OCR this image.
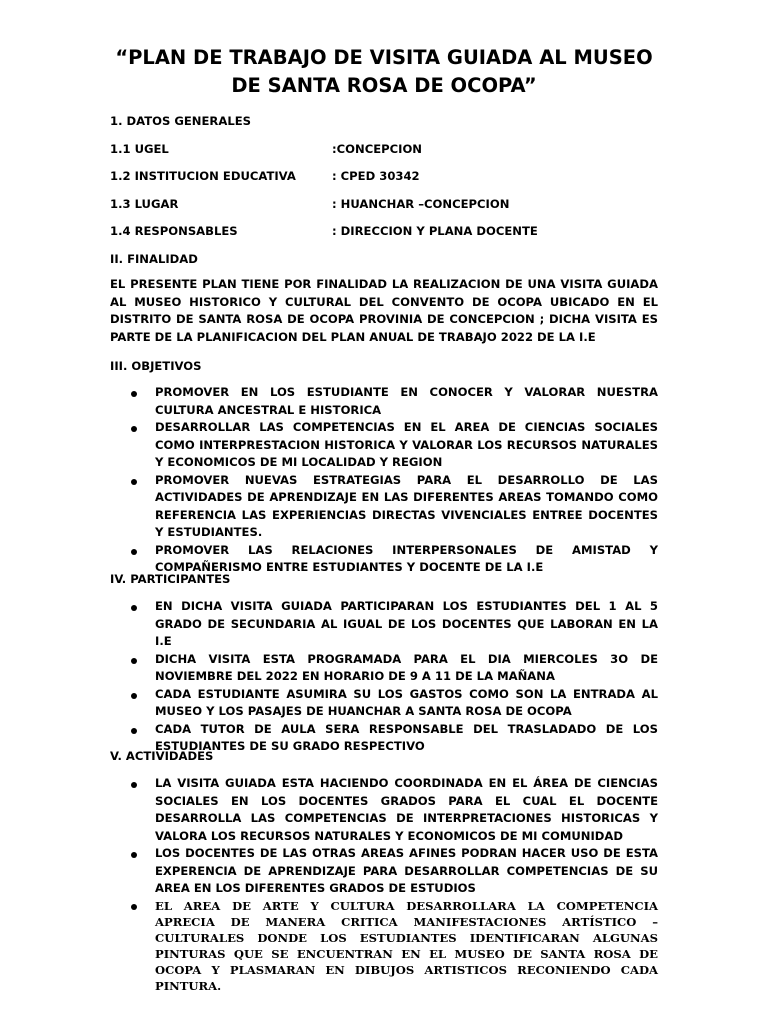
“PLAN DE TRABAJO DE VISITA GUIADA AL MUSEO DE SANTA ROSA DE OCOPA”
1. DATOS GENERALES
1.1 UGEL	:CONCEPCION
1.2 INSTITUCION EDUCATIVA	: CPED 30342
1.3 LUGAR	: HUANCHAR –CONCEPCION
1.4 RESPONSABLES	: DIRECCION Y PLANA DOCENTE
II. FINALIDAD
EL PRESENTE PLAN TIENE POR FINALIDAD LA REALIZACION DE UNA VISITA GUIADA AL MUSEO HISTORICO Y CULTURAL DEL CONVENTO DE OCOPA UBICADO EN EL DISTRITO DE SANTA ROSA DE OCOPA PROVINIA DE CONCEPCION ; DICHA VISITA ES PARTE DE LA PLANIFICACION DEL PLAN ANUAL DE TRABAJO 2022 DE LA I.E
III. OBJETIVOS
PROMOVER EN LOS ESTUDIANTE EN CONOCER Y VALORAR NUESTRA CULTURA ANCESTRAL E HISTORICA
DESARROLLAR LAS COMPETENCIAS EN EL AREA DE CIENCIAS SOCIALES COMO INTERPRESTACION HISTORICA Y VALORAR LOS RECURSOS NATURALES Y ECONOMICOS DE MI LOCALIDAD Y REGION
PROMOVER NUEVAS ESTRATEGIAS PARA EL DESARROLLO DE LAS ACTIVIDADES DE APRENDIZAJE EN LAS DIFERENTES AREAS TOMANDO COMO REFERENCIA LAS EXPERIENCIAS DIRECTAS VIVENCIALES ENTREE DOCENTES Y ESTUDIANTES.
PROMOVER LAS RELACIONES INTERPERSONALES DE AMISTAD Y COMPAÑERISMO ENTRE ESTUDIANTES Y DOCENTE DE LA I.E
IV. PARTICIPANTES
EN DICHA VISITA GUIADA PARTICIPARAN LOS ESTUDIANTES DEL 1 AL 5 GRADO DE SECUNDARIA AL IGUAL DE LOS DOCENTES QUE LABORAN EN LA I.E
DICHA VISITA ESTA PROGRAMADA PARA EL DIA MIERCOLES 3O DE NOVIEMBRE DEL 2022 EN HORARIO DE 9 A 11 DE LA MAÑANA
CADA ESTUDIANTE ASUMIRA SU LOS GASTOS COMO SON LA ENTRADA AL MUSEO Y LOS PASAJES DE HUANCHAR A SANTA ROSA DE OCOPA
CADA TUTOR DE AULA SERA RESPONSABLE DEL TRASLADADO DE LOS ESTUDIANTES DE SU GRADO RESPECTIVO
V. ACTIVIDADES
LA VISITA GUIADA ESTA HACIENDO COORDINADA EN EL ÁREA DE CIENCIAS SOCIALES EN LOS DOCENTES GRADOS PARA EL CUAL EL DOCENTE DESARROLLA LAS COMPETENCIAS DE INTERPRETACIONES HISTORICAS Y VALORA LOS RECURSOS NATURALES Y ECONOMICOS DE MI COMUNIDAD
LOS DOCENTES DE LAS OTRAS AREAS AFINES PODRAN HACER USO DE ESTA EXPERENCIA DE APRENDIZAJE PARA DESARROLLAR COMPETENCIAS DE SU AREA EN LOS DIFERENTES GRADOS DE ESTUDIOS
EL AREA DE ARTE Y CULTURA DESARROLLARA LA COMPETENCIA APRECIA DE MANERA CRITICA MANIFESTACIONES ARTÍSTICO – CULTURALES DONDE LOS ESTUDIANTES IDENTIFICARAN ALGUNAS PINTURAS QUE SE ENCUENTRAN EN EL MUSEO DE SANTA ROSA DE OCOPA Y PLASMARAN EN DIBUJOS ARTISTICOS RECONIENDO CADA PINTURA.
